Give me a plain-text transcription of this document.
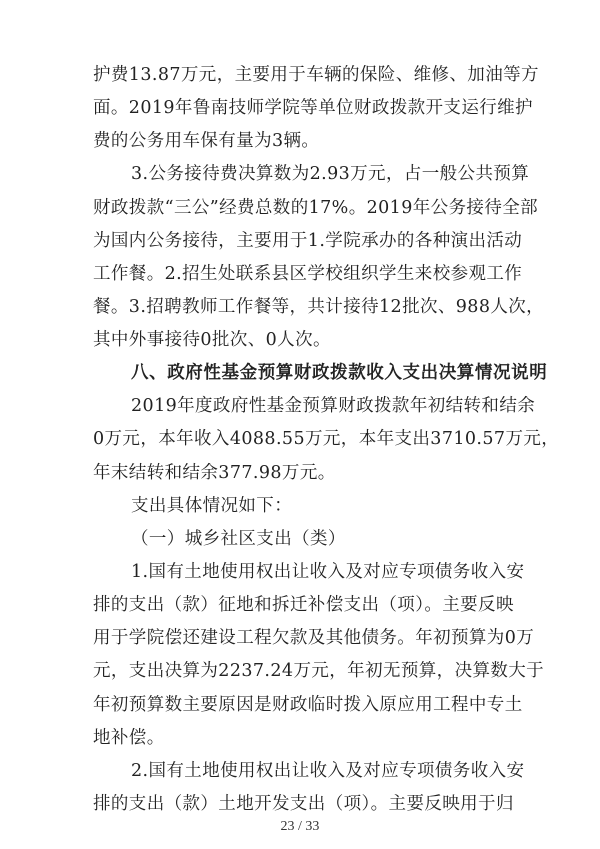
护费13.87万元，主要用于车辆的保险、维修、加油等方
面。2019年鲁南技师学院等单位财政拨款开支运行维护
费的公务用车保有量为3辆。
3.公务接待费决算数为2.93万元，占一般公共预算
财政拨款“三公”经费总数的17%。2019年公务接待全部
为国内公务接待，主要用于1.学院承办的各种演出活动
工作餐。2.招生处联系县区学校组织学生来校参观工作
餐。3.招聘教师工作餐等，共计接待12批次、988人次，
其中外事接待0批次、0人次。
八、政府性基金预算财政拨款收入支出决算情况说明
2019年度政府性基金预算财政拨款年初结转和结余
0万元，本年收入4088.55万元，本年支出3710.57万元，
年末结转和结余377.98万元。
支出具体情况如下：
（一）城乡社区支出（类）
1.国有土地使用权出让收入及对应专项债务收入安
排的支出（款）征地和拆迁补偿支出（项）。主要反映
用于学院偿还建设工程欠款及其他债务。年初预算为0万
元，支出决算为2237.24万元，年初无预算，决算数大于
年初预算数主要原因是财政临时拨入原应用工程中专土
地补偿。
2.国有土地使用权出让收入及对应专项债务收入安
排的支出（款）土地开发支出（项）。主要反映用于归
23 / 33
